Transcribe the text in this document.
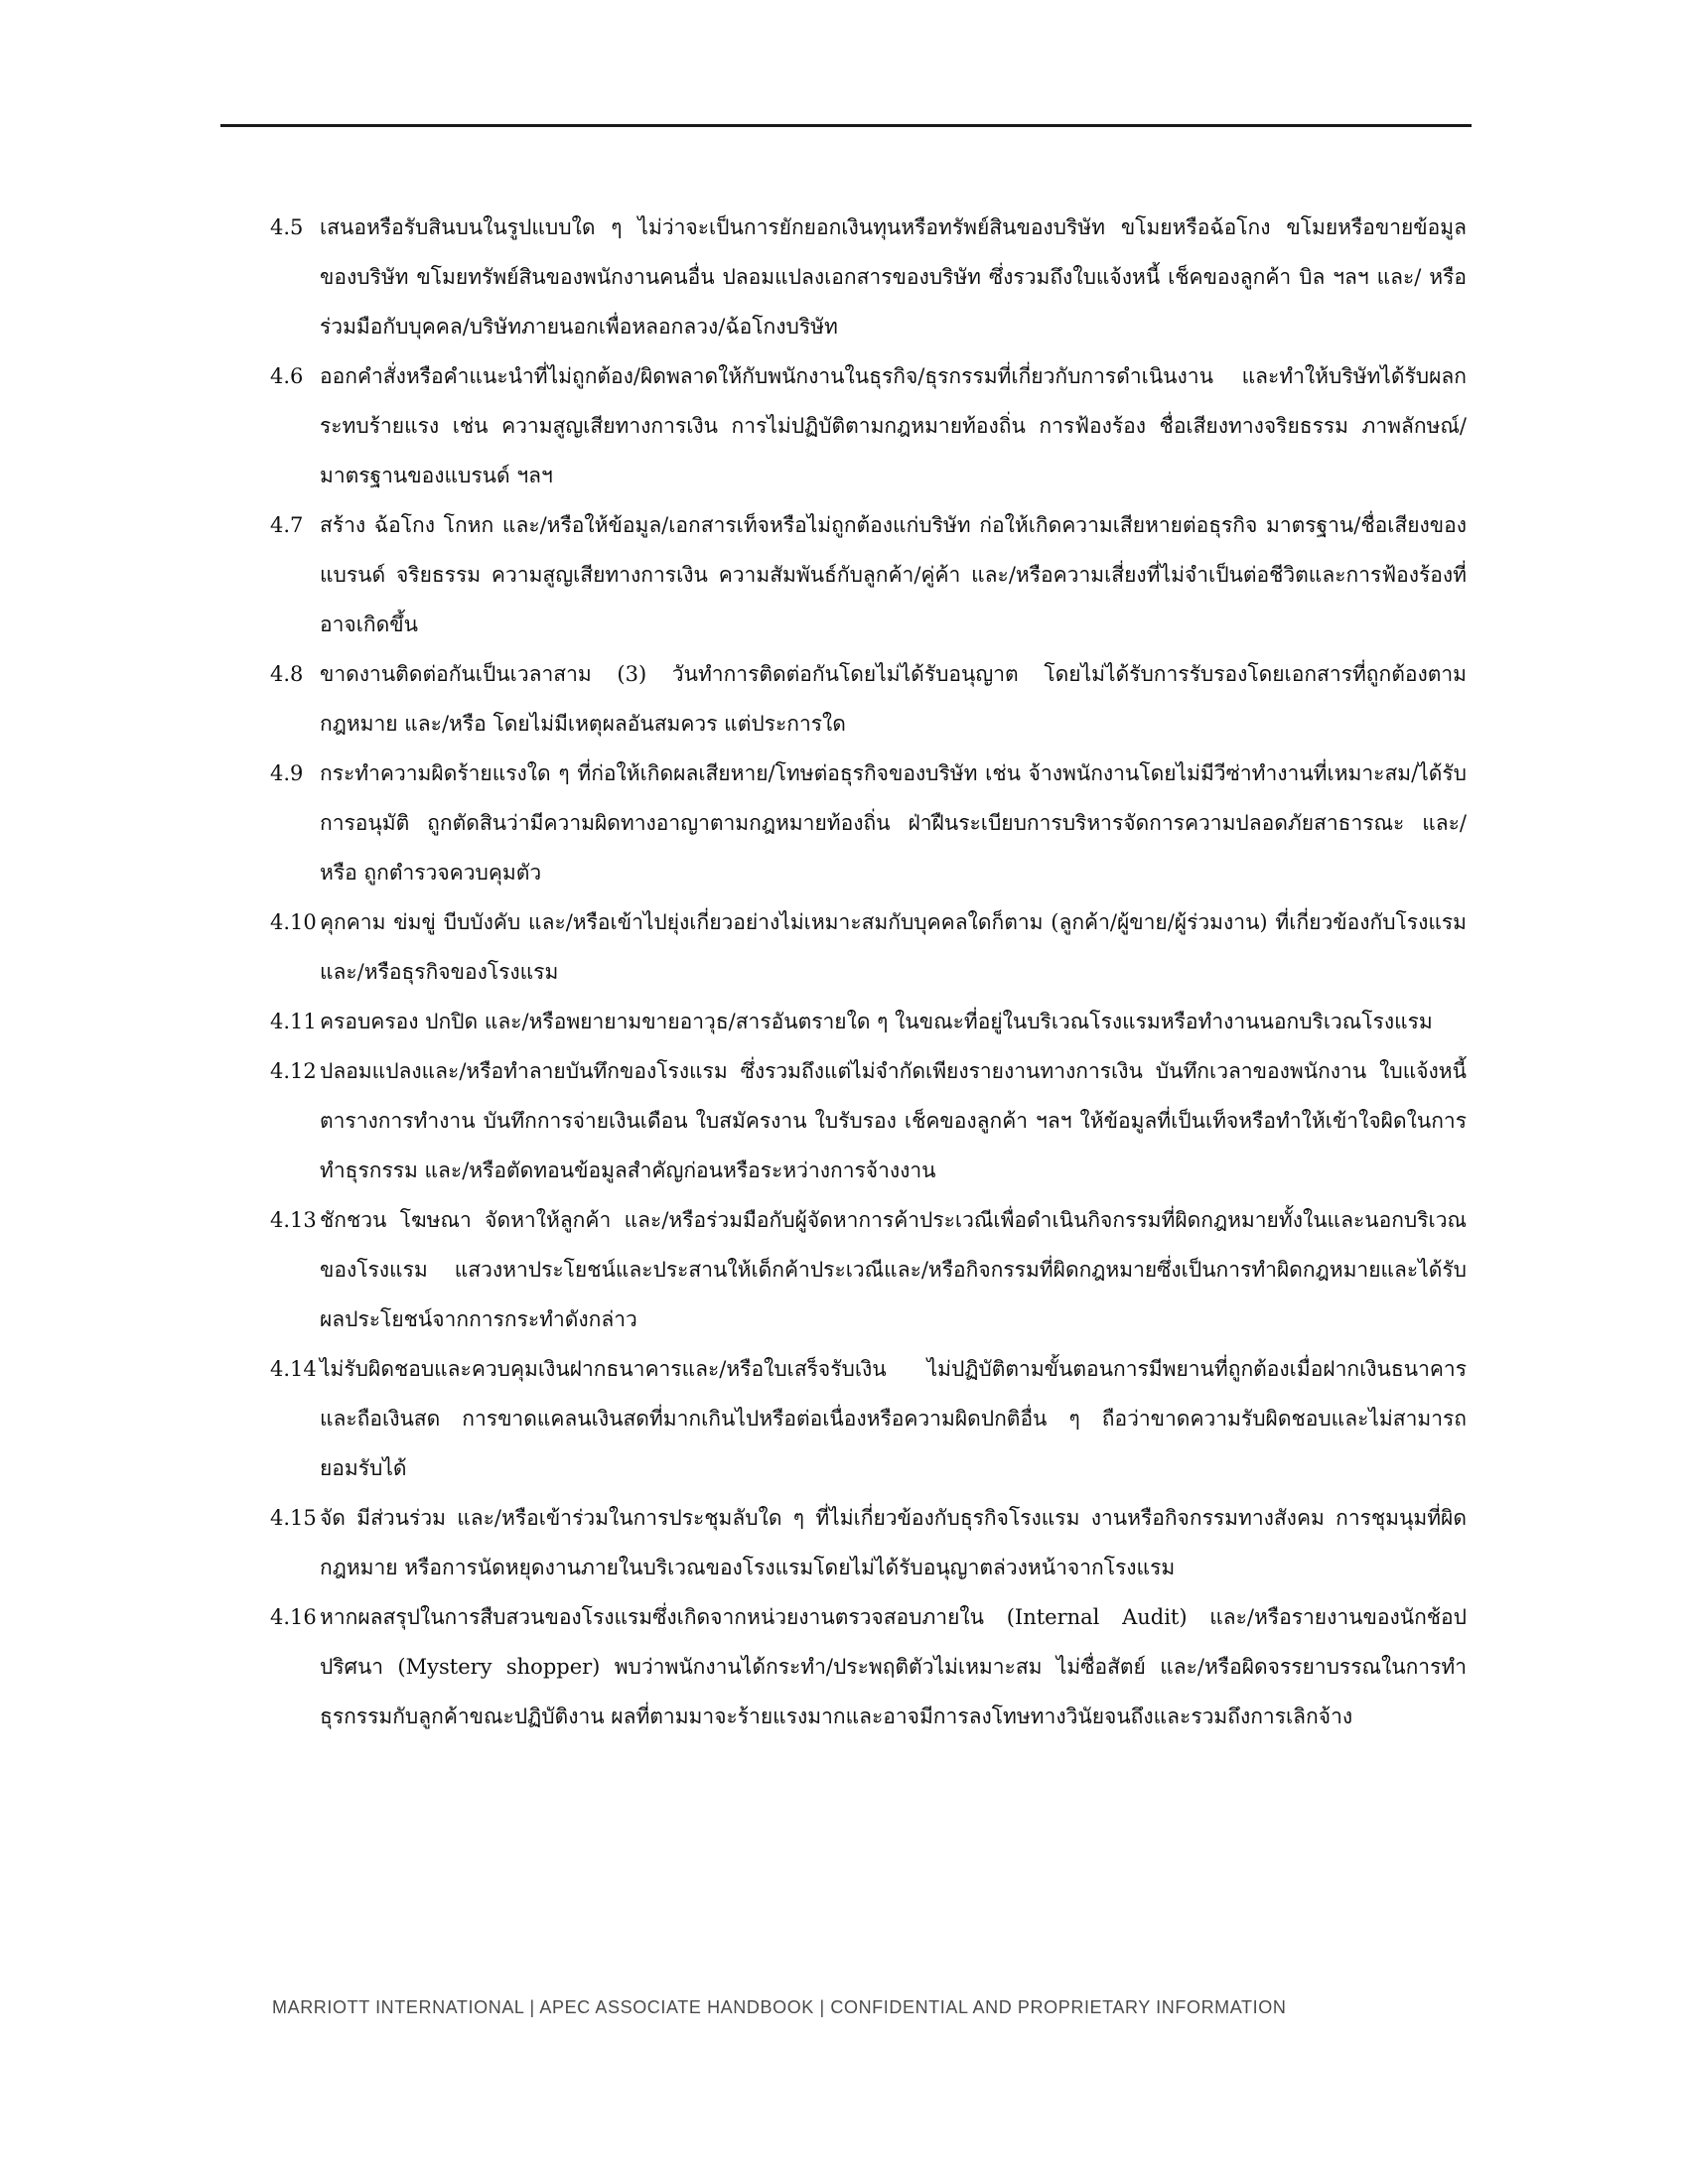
4.5 เสนอหรือรับสินบนในรูปแบบใด ๆ ไม่ว่าจะเป็นการยักยอกเงินทุนหรือทรัพย์สินของบริษัท ขโมยหรือฉ้อโกง ขโมยหรือขายข้อมูลของบริษัท ขโมยทรัพย์สินของพนักงานคนอื่น ปลอมแปลงเอกสารของบริษัท ซึ่งรวมถึงใบแจ้งหนี้ เช็คของลูกค้า บิล ฯลฯ และ/ หรือร่วมมือกับบุคคล/บริษัทภายนอกเพื่อหลอกลวง/ฉ้อโกงบริษัท

4.6 ออกคำสั่งหรือคำแนะนำที่ไม่ถูกต้อง/ผิดพลาดให้กับพนักงานในธุรกิจ/ธุรกรรมที่เกี่ยวกับการดำเนินงาน และทำให้บริษัทได้รับผลกระทบร้ายแรง เช่น ความสูญเสียทางการเงิน การไม่ปฏิบัติตามกฎหมายท้องถิ่น การฟ้องร้อง ชื่อเสียงทางจริยธรรม ภาพลักษณ์/มาตรฐานของแบรนด์ ฯลฯ

4.7 สร้าง ฉ้อโกง โกหก และ/หรือให้ข้อมูล/เอกสารเท็จหรือไม่ถูกต้องแก่บริษัท ก่อให้เกิดความเสียหายต่อธุรกิจ มาตรฐาน/ชื่อเสียงของแบรนด์ จริยธรรม ความสูญเสียทางการเงิน ความสัมพันธ์กับลูกค้า/คู่ค้า และ/หรือความเสี่ยงที่ไม่จำเป็นต่อชีวิตและการฟ้องร้องที่อาจเกิดขึ้น

4.8 ขาดงานติดต่อกันเป็นเวลาสาม (3) วันทำการติดต่อกันโดยไม่ได้รับอนุญาต โดยไม่ได้รับการรับรองโดยเอกสารที่ถูกต้องตามกฎหมาย และ/หรือ โดยไม่มีเหตุผลอันสมควร แต่ประการใด

4.9 กระทำความผิดร้ายแรงใด ๆ ที่ก่อให้เกิดผลเสียหาย/โทษต่อธุรกิจของบริษัท เช่น จ้างพนักงานโดยไม่มีวีซ่าทำงานที่เหมาะสม/ได้รับการอนุมัติ ถูกตัดสินว่ามีความผิดทางอาญาตามกฎหมายท้องถิ่น ฝ่าฝืนระเบียบการบริหารจัดการความปลอดภัยสาธารณะ และ/หรือ ถูกตำรวจควบคุมตัว

4.10 คุกคาม ข่มขู่ บีบบังคับ และ/หรือเข้าไปยุ่งเกี่ยวอย่างไม่เหมาะสมกับบุคคลใดก็ตาม (ลูกค้า/ผู้ขาย/ผู้ร่วมงาน) ที่เกี่ยวข้องกับโรงแรมและ/หรือธุรกิจของโรงแรม

4.11 ครอบครอง ปกปิด และ/หรือพยายามขายอาวุธ/สารอันตรายใด ๆ ในขณะที่อยู่ในบริเวณโรงแรมหรือทำงานนอกบริเวณโรงแรม

4.12 ปลอมแปลงและ/หรือทำลายบันทึกของโรงแรม ซึ่งรวมถึงแต่ไม่จำกัดเพียงรายงานทางการเงิน บันทึกเวลาของพนักงาน ใบแจ้งหนี้ ตารางการทำงาน บันทึกการจ่ายเงินเดือน ใบสมัครงาน ใบรับรอง เช็คของลูกค้า ฯลฯ ให้ข้อมูลที่เป็นเท็จหรือทำให้เข้าใจผิดในการทำธุรกรรม และ/หรือตัดทอนข้อมูลสำคัญก่อนหรือระหว่างการจ้างงาน

4.13 ชักชวน โฆษณา จัดหาให้ลูกค้า และ/หรือร่วมมือกับผู้จัดหาการค้าประเวณีเพื่อดำเนินกิจกรรมที่ผิดกฎหมายทั้งในและนอกบริเวณของโรงแรม แสวงหาประโยชน์และประสานให้เด็กค้าประเวณีและ/หรือกิจกรรมที่ผิดกฎหมายซึ่งเป็นการทำผิดกฎหมายและได้รับผลประโยชน์จากการกระทำดังกล่าว

4.14 ไม่รับผิดชอบและควบคุมเงินฝากธนาคารและ/หรือใบเสร็จรับเงิน ไม่ปฏิบัติตามขั้นตอนการมีพยานที่ถูกต้องเมื่อฝากเงินธนาคารและถือเงินสด การขาดแคลนเงินสดที่มากเกินไปหรือต่อเนื่องหรือความผิดปกติอื่น ๆ ถือว่าขาดความรับผิดชอบและไม่สามารถยอมรับได้

4.15 จัด มีส่วนร่วม และ/หรือเข้าร่วมในการประชุมลับใด ๆ ที่ไม่เกี่ยวข้องกับธุรกิจโรงแรม งานหรือกิจกรรมทางสังคม การชุมนุมที่ผิดกฎหมาย หรือการนัดหยุดงานภายในบริเวณของโรงแรมโดยไม่ได้รับอนุญาตล่วงหน้าจากโรงแรม

4.16 หากผลสรุปในการสืบสวนของโรงแรมซึ่งเกิดจากหน่วยงานตรวจสอบภายใน (Internal Audit) และ/หรือรายงานของนักช้อปปริศนา (Mystery shopper) พบว่าพนักงานได้กระทำ/ประพฤติตัวไม่เหมาะสม ไม่ซื่อสัตย์ และ/หรือผิดจรรยาบรรณในการทำธุรกรรมกับลูกค้าขณะปฏิบัติงาน ผลที่ตามมาจะร้ายแรงมากและอาจมีการลงโทษทางวินัยจนถึงและรวมถึงการเลิกจ้าง

MARRIOTT INTERNATIONAL | APEC ASSOCIATE HANDBOOK | CONFIDENTIAL AND PROPRIETARY INFORMATION
